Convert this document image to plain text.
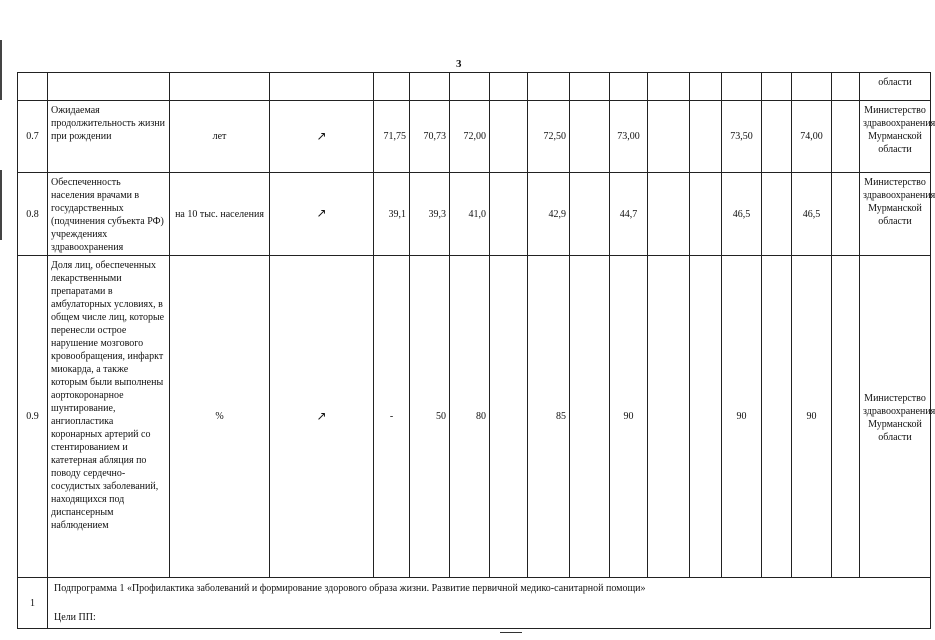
3
																	области
0.7	Ожидаемая продолжительность жизни при рождении	лет	↗	71,75	70,73	72,00		72,50		73,00			73,50		74,00		Министерство здравоохранения Мурманской области
0.8	Обеспеченность населения врачами в государственных (подчинения субъекта РФ) учреждениях здравоохранения	на 10 тыс. населения	↗	39,1	39,3	41,0		42,9		44,7			46,5		46,5		Министерство здравоохранения Мурманской области
0.9	Доля лиц, обеспеченных лекарственными препаратами в амбулаторных условиях, в общем числе лиц, которые перенесли острое нарушение мозгового кровообращения, инфаркт миокарда, а также которым были выполнены аортокоронарное шунтирование, ангиопластика коронарных артерий со стентированием и катетерная абляция по поводу сердечно-сосудистых заболеваний, находящихся под диспансерным наблюдением	%	↗	-	50	80		85		90			90		90		Министерство здравоохранения Мурманской области
1	Подпрограмма 1 «Профилактика заболеваний и формирование здорового образа жизни. Развитие первичной медико-санитарной помощи»
Цели ПП:																
